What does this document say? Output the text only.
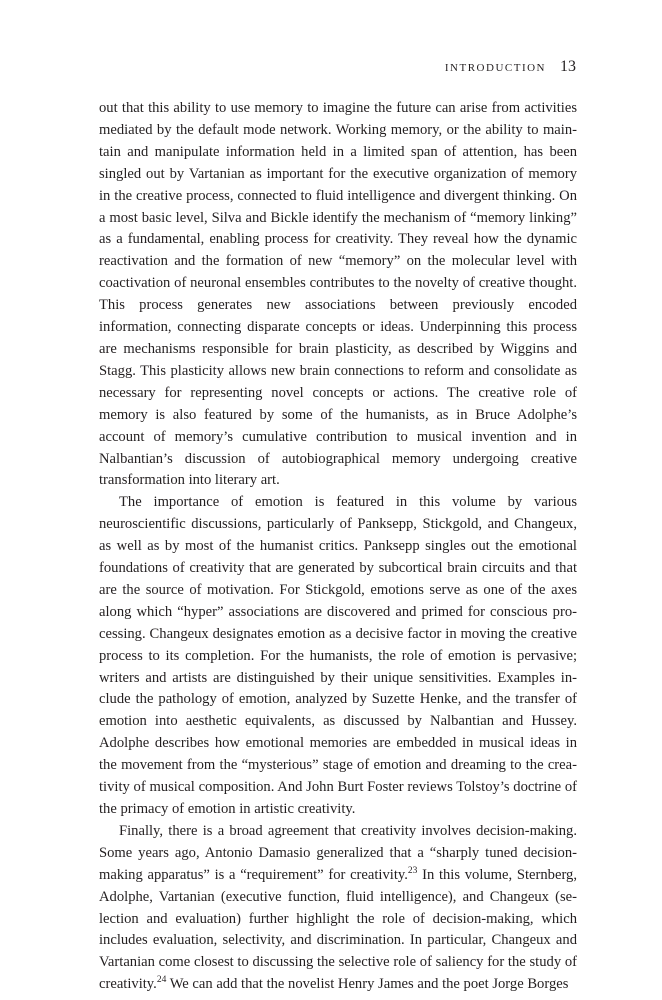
introduction 13

out that this ability to use memory to imagine the future can arise from activities mediated by the default mode network. Working memory, or the ability to maintain and manipulate information held in a limited span of attention, has been singled out by Vartanian as important for the executive organization of memory in the creative process, connected to fluid intelligence and divergent thinking. On a most basic level, Silva and Bickle identify the mechanism of “memory linking” as a fundamental, enabling process for creativity. They reveal how the dynamic reactivation and the formation of new “memory” on the molecular level with coactivation of neuronal ensembles contributes to the novelty of creative thought. This process generates new associations between previously encoded information, connecting disparate concepts or ideas. Underpinning this process are mechanisms responsible for brain plasticity, as described by Wiggins and Stagg. This plasticity allows new brain connections to reform and consolidate as necessary for representing novel concepts or actions. The creative role of memory is also featured by some of the humanists, as in Bruce Adolphe’s account of memory’s cumulative contribution to musical invention and in Nalbantian’s discussion of autobiographical memory undergoing creative transformation into literary art.

The importance of emotion is featured in this volume by various neuroscientific discussions, particularly of Panksepp, Stickgold, and Changeux, as well as by most of the humanist critics. Panksepp singles out the emotional foundations of creativity that are generated by subcortical brain circuits and that are the source of motivation. For Stickgold, emotions serve as one of the axes along which “hyper” associations are discovered and primed for conscious processing. Changeux designates emotion as a decisive factor in moving the creative process to its completion. For the humanists, the role of emotion is pervasive; writers and artists are distinguished by their unique sensitivities. Examples include the pathology of emotion, analyzed by Suzette Henke, and the transfer of emotion into aesthetic equivalents, as discussed by Nalbantian and Hussey. Adolphe describes how emotional memories are embedded in musical ideas in the movement from the “mysterious” stage of emotion and dreaming to the creativity of musical composition. And John Burt Foster reviews Tolstoy’s doctrine of the primacy of emotion in artistic creativity.

Finally, there is a broad agreement that creativity involves decision-making. Some years ago, Antonio Damasio generalized that a “sharply tuned decision-making apparatus” is a “requirement” for creativity.$^{23}$ In this volume, Sternberg, Adolphe, Vartanian (executive function, fluid intelligence), and Changeux (selection and evaluation) further highlight the role of decision-making, which includes evaluation, selectivity, and discrimination. In particular, Changeux and Vartanian come closest to discussing the selective role of saliency for the study of creativity.$^{24}$ We can add that the novelist Henry James and the poet Jorge Borges
